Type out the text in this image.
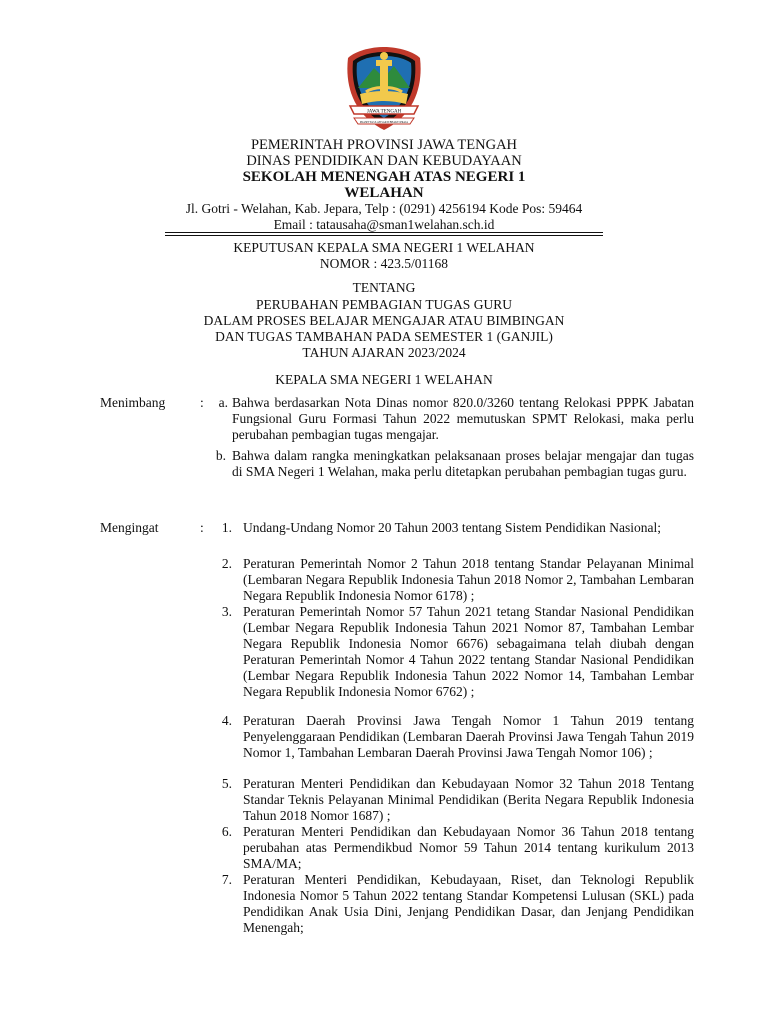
JAWA TENGAH
PRASETYA ULAH SAKTI BHAKTI PRAJA
PEMERINTAH PROVINSI JAWA TENGAH
DINAS PENDIDIKAN DAN KEBUDAYAAN
SEKOLAH MENENGAH ATAS NEGERI 1
WELAHAN
Jl. Gotri - Welahan, Kab. Jepara, Telp : (0291) 4256194 Kode Pos: 59464
Email : tatausaha@sman1welahan.sch.id
KEPUTUSAN KEPALA SMA NEGERI 1 WELAHAN
NOMOR : 423.5/01168
TENTANG
PERUBAHAN PEMBAGIAN TUGAS GURU
DALAM PROSES BELAJAR MENGAJAR ATAU BIMBINGAN
DAN TUGAS TAMBAHAN PADA SEMESTER 1 (GANJIL)
TAHUN AJARAN 2023/2024
KEPALA SMA NEGERI 1 WELAHAN
Menimbang	:	a. Bahwa berdasarkan Nota Dinas nomor 820.0/3260 tentang Relokasi PPPK Jabatan Fungsional Guru Formasi Tahun 2022 memutuskan SPMT Relokasi, maka perlu perubahan pembagian tugas mengajar.
b. Bahwa dalam rangka meningkatkan pelaksanaan proses belajar mengajar dan tugas di SMA Negeri 1 Welahan, maka perlu ditetapkan perubahan pembagian tugas guru.
Mengingat	:	1. Undang-Undang Nomor 20 Tahun 2003 tentang Sistem Pendidikan Nasional;
2. Peraturan Pemerintah Nomor 2 Tahun 2018 tentang Standar Pelayanan Minimal (Lembaran Negara Republik Indonesia Tahun 2018 Nomor 2, Tambahan Lembaran Negara Republik Indonesia Nomor 6178) ;
3. Peraturan Pemerintah Nomor 57 Tahun 2021 tetang Standar Nasional Pendidikan (Lembar Negara Republik Indonesia Tahun 2021 Nomor 87, Tambahan Lembar Negara Republik Indonesia Nomor 6676) sebagaimana telah diubah dengan Peraturan Pemerintah Nomor 4 Tahun 2022 tentang Standar Nasional Pendidikan (Lembar Negara Republik Indonesia Tahun 2022 Nomor 14, Tambahan Lembar Negara Republik Indonesia Nomor 6762) ;
4. Peraturan Daerah Provinsi Jawa Tengah Nomor 1 Tahun 2019 tentang Penyelenggaraan Pendidikan (Lembaran Daerah Provinsi Jawa Tengah Tahun 2019 Nomor 1, Tambahan Lembaran Daerah Provinsi Jawa Tengah Nomor 106) ;
5. Peraturan Menteri Pendidikan dan Kebudayaan Nomor 32 Tahun 2018 Tentang Standar Teknis Pelayanan Minimal Pendidikan (Berita Negara Republik Indonesia Tahun 2018 Nomor 1687) ;
6. Peraturan Menteri Pendidikan dan Kebudayaan Nomor 36 Tahun 2018 tentang perubahan atas Permendikbud Nomor 59 Tahun 2014 tentang kurikulum 2013 SMA/MA;
7. Peraturan Menteri Pendidikan, Kebudayaan, Riset, dan Teknologi Republik Indonesia Nomor 5 Tahun 2022 tentang Standar Kompetensi Lulusan (SKL) pada Pendidikan Anak Usia Dini, Jenjang Pendidikan Dasar, dan Jenjang Pendidikan Menengah;
